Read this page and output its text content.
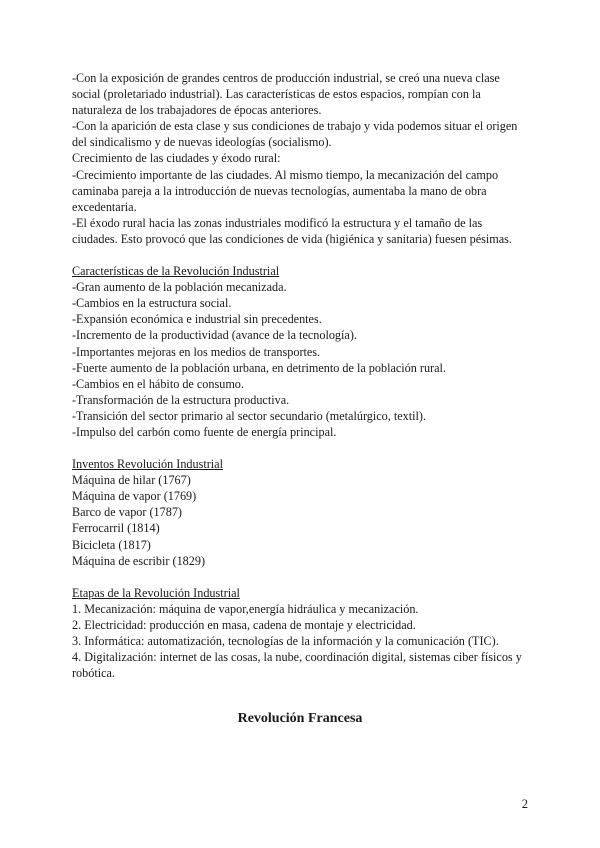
-Con la exposición de grandes centros de producción industrial, se creó una nueva clase social (proletariado industrial). Las características de estos espacios, rompían con la naturaleza de los trabajadores de épocas anteriores.

-Con la aparición de esta clase y sus condiciones de trabajo y vida podemos situar el origen del sindicalismo y de nuevas ideologías (socialismo).

Crecimiento de las ciudades y éxodo rural:

-Crecimiento importante de las ciudades. Al mismo tiempo, la mecanización del campo caminaba pareja a la introducción de nuevas tecnologías, aumentaba la mano de obra excedentaria.

-El éxodo rural hacia las zonas industriales modificó la estructura y el tamaño de las ciudades. Esto provocó que las condiciones de vida (higiénica y sanitaria) fuesen pésimas.

Características de la Revolución Industrial

-Gran aumento de la población mecanizada.

-Cambios en la estructura social.

-Expansión económica e industrial sin precedentes.

-Incremento de la productividad (avance de la tecnología).

-Importantes mejoras en los medios de transportes.

-Fuerte aumento de la población urbana, en detrimento de la población rural.

-Cambios en el hábito de consumo.

-Transformación de la estructura productiva.

-Transición del sector primario al sector secundario (metalúrgico, textil).

-Impulso del carbón como fuente de energía principal.

Inventos Revolución Industrial

Máquina de hilar (1767)

Máquina de vapor (1769)

Barco de vapor (1787)

Ferrocarril (1814)

Bicicleta (1817)

Máquina de escribir (1829)

Etapas de la Revolución Industrial

1. Mecanización: máquina de vapor,energía hidráulica y mecanización.

2. Electricidad: producción en masa, cadena de montaje y electricidad.

3. Informática: automatización, tecnologías de la información y la comunicación (TIC).

4. Digitalización: internet de las cosas, la nube, coordinación digital, sistemas ciber físicos y robótica.

Revolución Francesa
2
